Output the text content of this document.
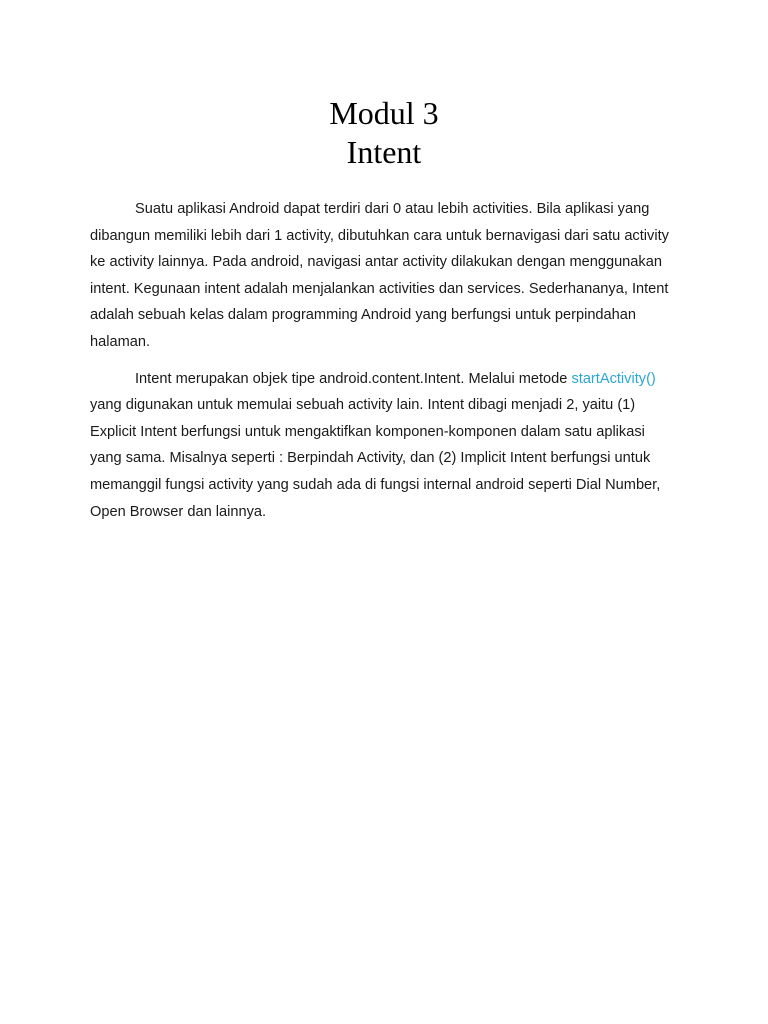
Modul 3
Intent

Suatu aplikasi Android dapat terdiri dari 0 atau lebih activities. Bila aplikasi yang dibangun memiliki lebih dari 1 activity, dibutuhkan cara untuk bernavigasi dari satu activity ke activity lainnya. Pada android, navigasi antar activity dilakukan dengan menggunakan intent. Kegunaan intent adalah menjalankan activities dan services. Sederhananya, Intent adalah sebuah kelas dalam programming Android yang berfungsi untuk perpindahan halaman.

Intent merupakan objek tipe android.content.Intent. Melalui metode startActivity() yang digunakan untuk memulai sebuah activity lain. Intent dibagi menjadi 2, yaitu (1) Explicit Intent berfungsi untuk mengaktifkan komponen-komponen dalam satu aplikasi yang sama. Misalnya seperti : Berpindah Activity, dan (2) Implicit Intent berfungsi untuk memanggil fungsi activity yang sudah ada di fungsi internal android seperti Dial Number, Open Browser dan lainnya.
